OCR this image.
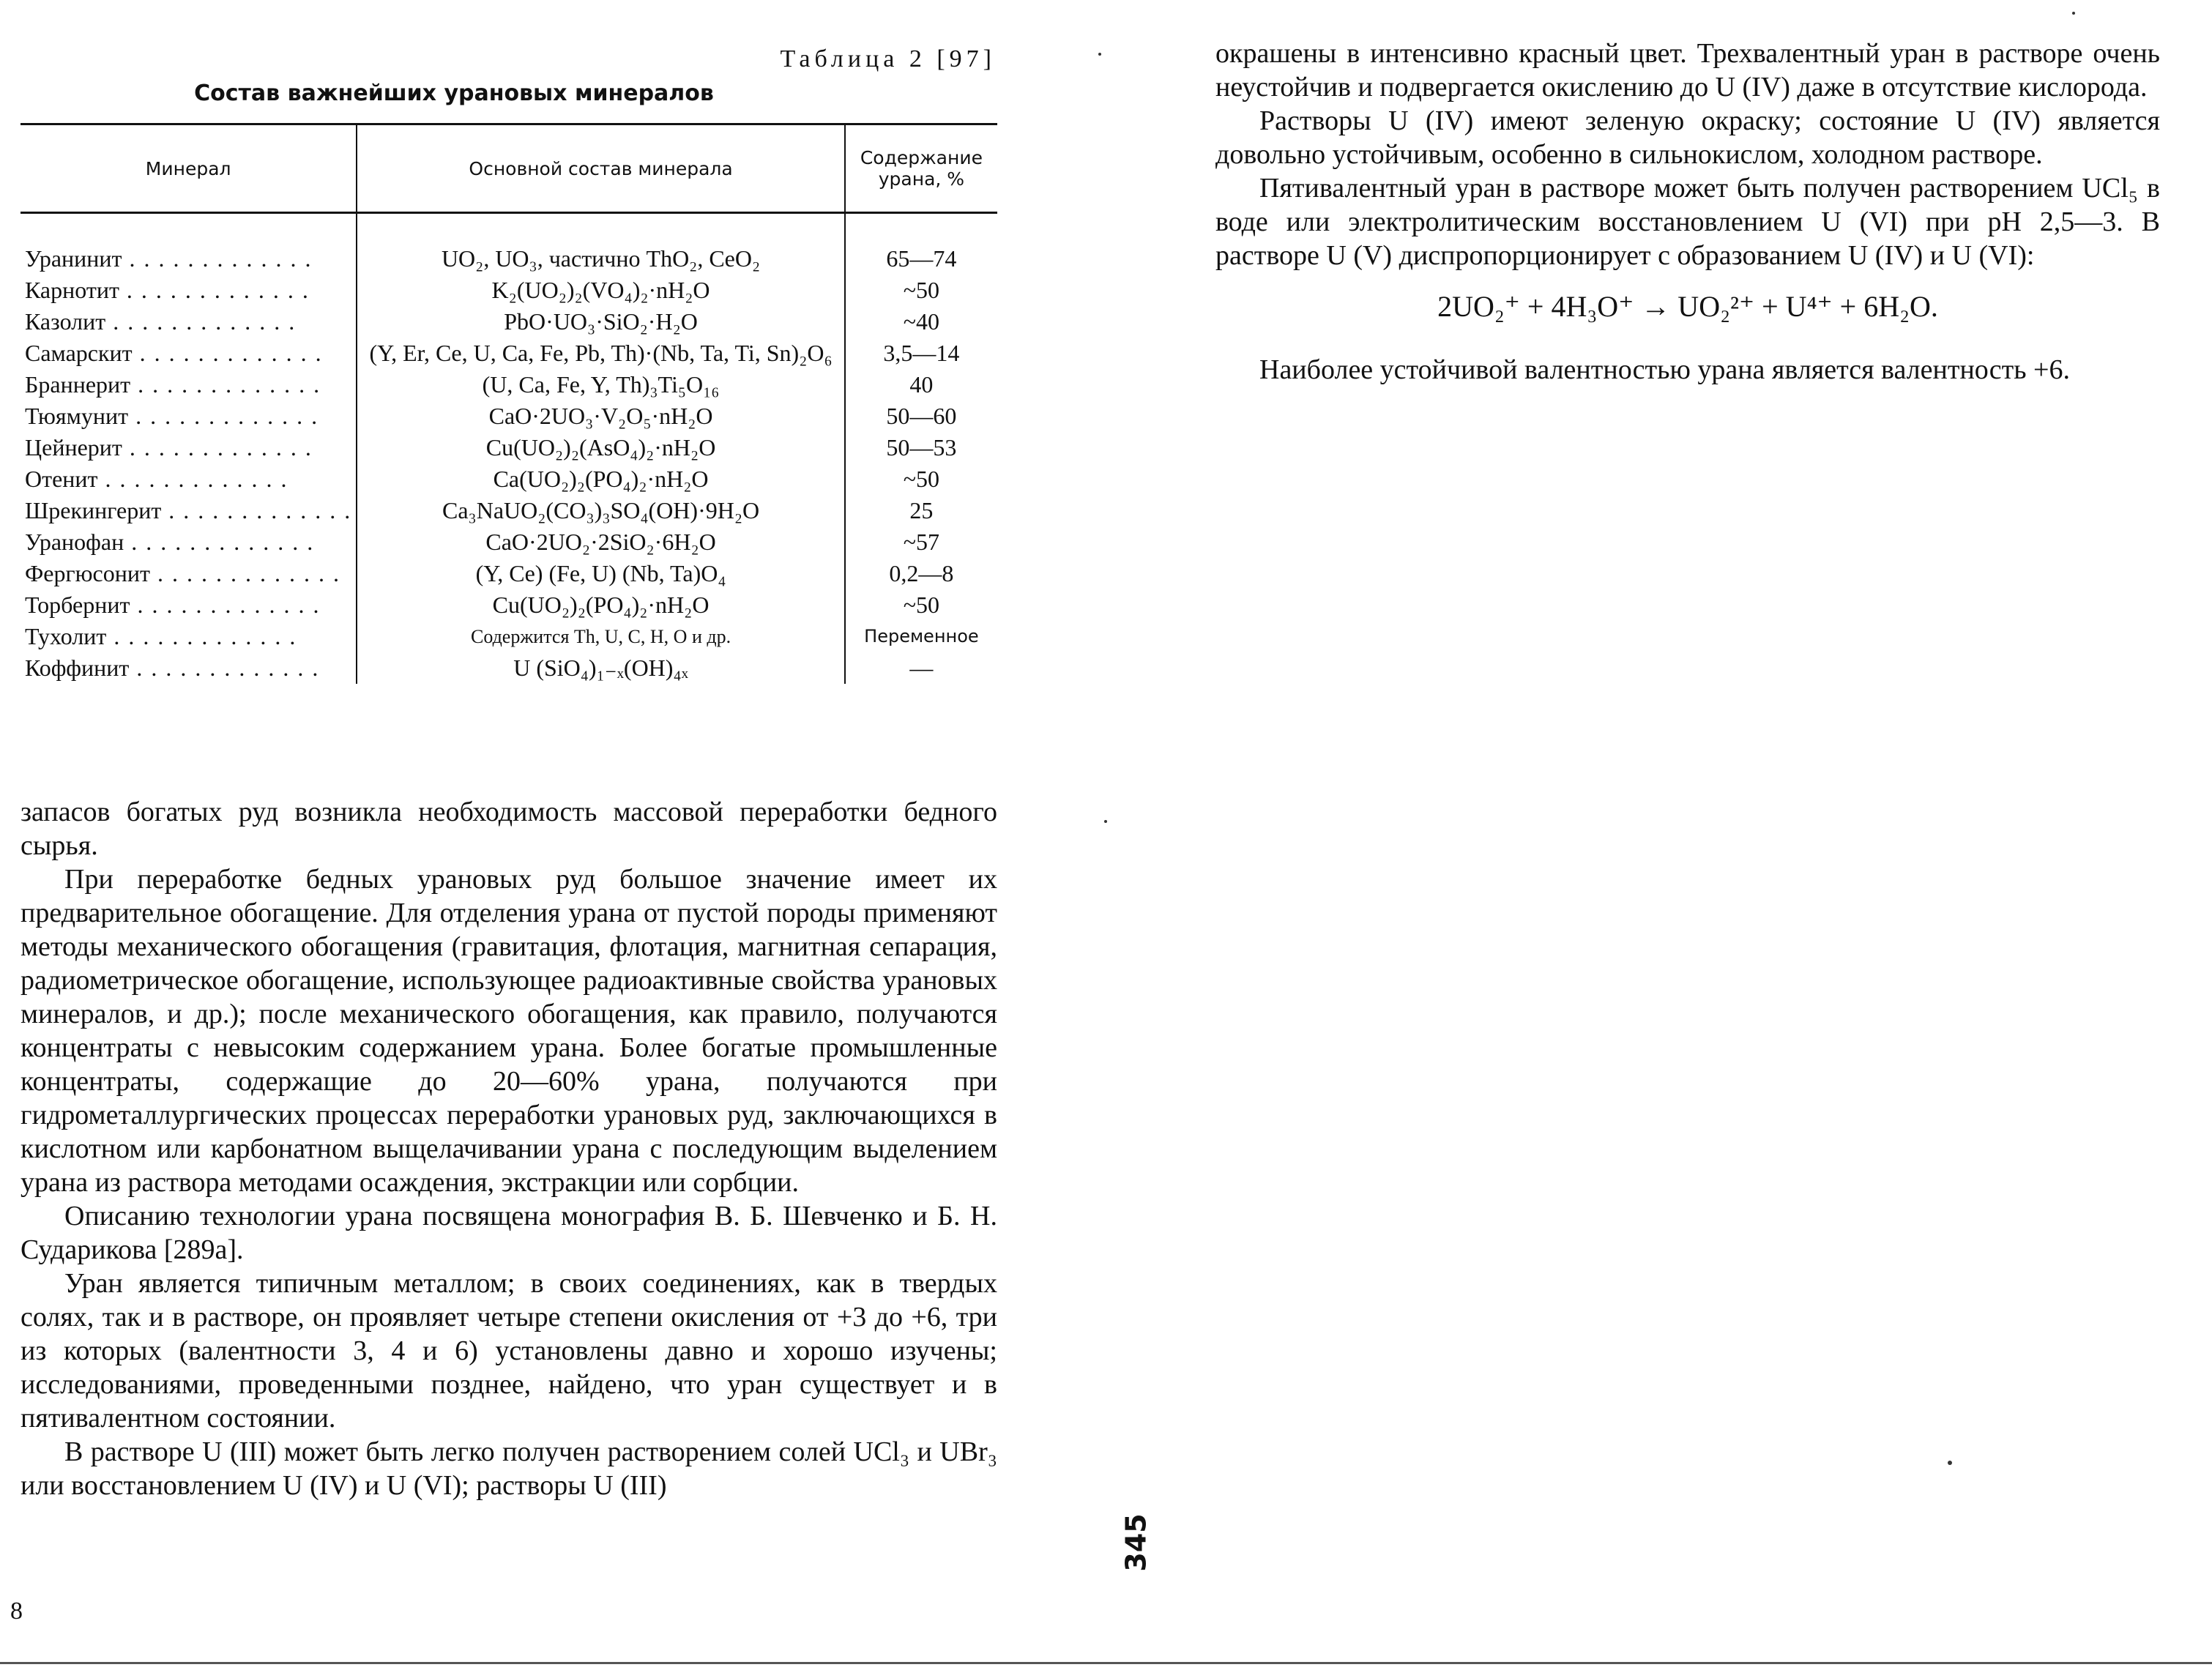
Таблица 2 [97]
Состав важнейших урановых минералов
Минерал	Основной состав минерала	Содержание урана, %

Уранинит . . .	UO₂, UO₃, частично ThO₂, CeO₂	65—74
Карнотит . . .	K₂(UO₂)₂(VO₄)₂·nH₂O	~50
Казолит . . .	PbO·UO₃·SiO₂·H₂O	~40
Самарскит . . .	(Y, Er, Ce, U, Ca, Fe, Pb, Th)·(Nb, Ta, Ti, Sn)₂O₆	3,5—14
Браннерит . . .	(U, Ca, Fe, Y, Th)₃Ti₅O₁₆	40
Тюямунит . . .	CaO·2UO₃·V₂O₅·nH₂O	50—60
Цейнерит . . .	Cu(UO₂)₂(AsO₄)₂·nH₂O	50—53
Отенит . . .	Ca(UO₂)₂(PO₄)₂·nH₂O	~50
Шрекингерит . . .	Ca₃NaUO₂(CO₃)₃SO₄(OH)·9H₂O	25
Уранофан . . .	CaO·2UO₂·2SiO₂·6H₂O	~57
Фергюсонит . . .	(Y, Ce) (Fe, U) (Nb, Ta)O₄	0,2—8
Торбернит . . .	Cu(UO₂)₂(PO₄)₂·nH₂O	~50
Тухолит . . .	Содержится Th, U, C, H, O и др.	Переменное
Коффинит . . .	U (SiO₄)₁₋ₓ(OH)₄ₓ	—

запасов богатых руд возникла необходимость массовой переработки бедного сырья.

При переработке бедных урановых руд большое значение имеет их предварительное обогащение. Для отделения урана от пустой породы применяют методы механического обогащения (гравитация, флотация, магнитная сепарация, радиометрическое обогащение, использующее радиоактивные свойства урановых минералов, и др.); после механического обогащения, как правило, получаются концентраты с невысоким содержанием урана. Более богатые промышленные концентраты, содержащие до 20—60% урана, получаются при гидрометаллургических процессах переработки урановых руд, заключающихся в кислотном или карбонатном выщелачивании урана с последующим выделением урана из раствора методами осаждения, экстракции или сорбции.

Описанию технологии урана посвящена монография В. Б. Шевченко и Б. Н. Сударикова [289а].

Уран является типичным металлом; в своих соединениях, как в твердых солях, так и в растворе, он проявляет четыре степени окисления от +3 до +6, три из которых (валентности 3, 4 и 6) установлены давно и хорошо изучены; исследованиями, проведенными позднее, найдено, что уран существует и в пятивалентном состоянии.

В растворе U (III) может быть легко получен растворением солей UCl₃ и UBr₃ или восстановлением U (IV) и U (VI); растворы U (III)

8
345

окрашены в интенсивно красный цвет. Трехвалентный уран в растворе очень неустойчив и подвергается окислению до U (IV) даже в отсутствие кислорода.

Растворы U (IV) имеют зеленую окраску; состояние U (IV) является довольно устойчивым, особенно в сильнокислом, холодном растворе.

Пятивалентный уран в растворе может быть получен растворением UCl₅ в воде или электролитическим восстановлением U (VI) при pH 2,5—3. В растворе U (V) диспропорционирует с образованием U (IV) и U (VI):

2UO₂⁺ + 4H₃O⁺ → UO₂²⁺ + U⁴⁺ + 6H₂O.

Наиболее устойчивой валентностью урана является валентность +6.
